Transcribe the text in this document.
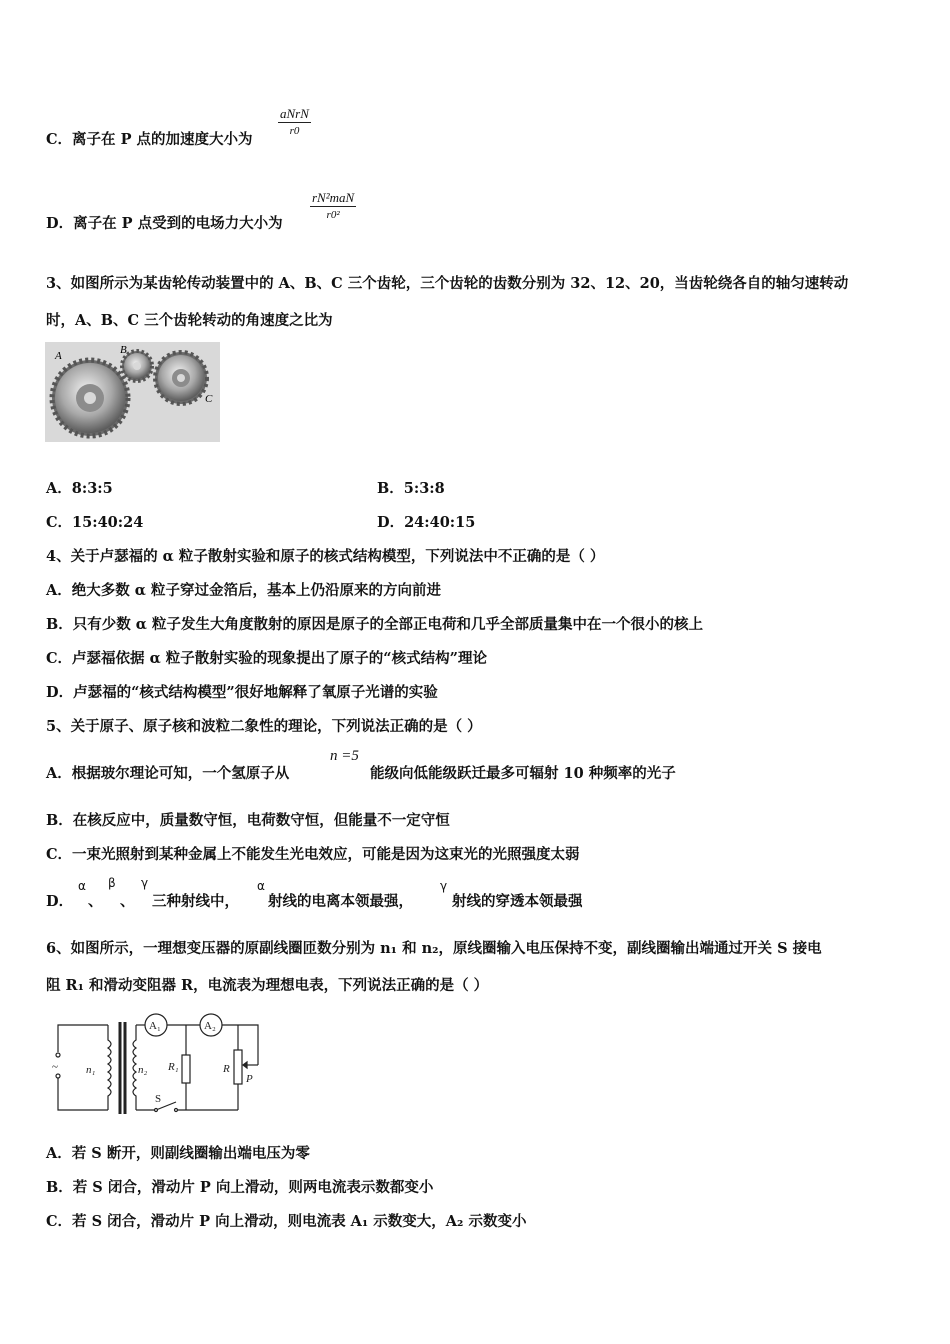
C．离子在 P 点的加速度大小为
aNrN
r0
D．离子在 P 点受到的电场力大小为
rN²maN
r0²
3、如图所示为某齿轮传动装置中的 A、B、C 三个齿轮，三个齿轮的齿数分别为 32、12、20，当齿轮绕各自的轴匀速转动
时，A、B、C 三个齿轮转动的角速度之比为
A	B
C
A．8:3:5	B．5:3:8
C．15:40:24	D．24:40:15
4、关于卢瑟福的 α 粒子散射实验和原子的核式结构模型，下列说法中不正确的是（ ）
A．绝大多数 α 粒子穿过金箔后，基本上仍沿原来的方向前进
B．只有少数 α 粒子发生大角度散射的原因是原子的全部正电荷和几乎全部质量集中在一个很小的核上
C．卢瑟福依据 α 粒子散射实验的现象提出了原子的“核式结构”理论
D．卢瑟福的“核式结构模型”很好地解释了氧原子光谱的实验
5、关于原子、原子核和波粒二象性的理论，下列说法正确的是（ ）
A．根据玻尔理论可知，一个氢原子从
n =5
能级向低能级跃迁最多可辐射 10 种频率的光子
B．在核反应中，质量数守恒，电荷数守恒，但能量不一定守恒
C．一束光照射到某种金属上不能发生光电效应，可能是因为这束光的光照强度太弱
D．
α
、
β
、
γ
三种射线中，
α
射线的电离本领最强，
γ
射线的穿透本领最强
6、如图所示，一理想变压器的原副线圈匝数分别为 n₁ 和 n₂，原线圈输入电压保持不变，副线圈输出端通过开关 S 接电
阻 R₁ 和滑动变阻器 R，电流表为理想电表，下列说法正确的是（ ）
A₁	A₂
~	n₁	n₂ R₁	R
P
S
A．若 S 断开，则副线圈输出端电压为零
B．若 S 闭合，滑动片 P 向上滑动，则两电流表示数都变小
C．若 S 闭合，滑动片 P 向上滑动，则电流表 A₁ 示数变大，A₂ 示数变小
